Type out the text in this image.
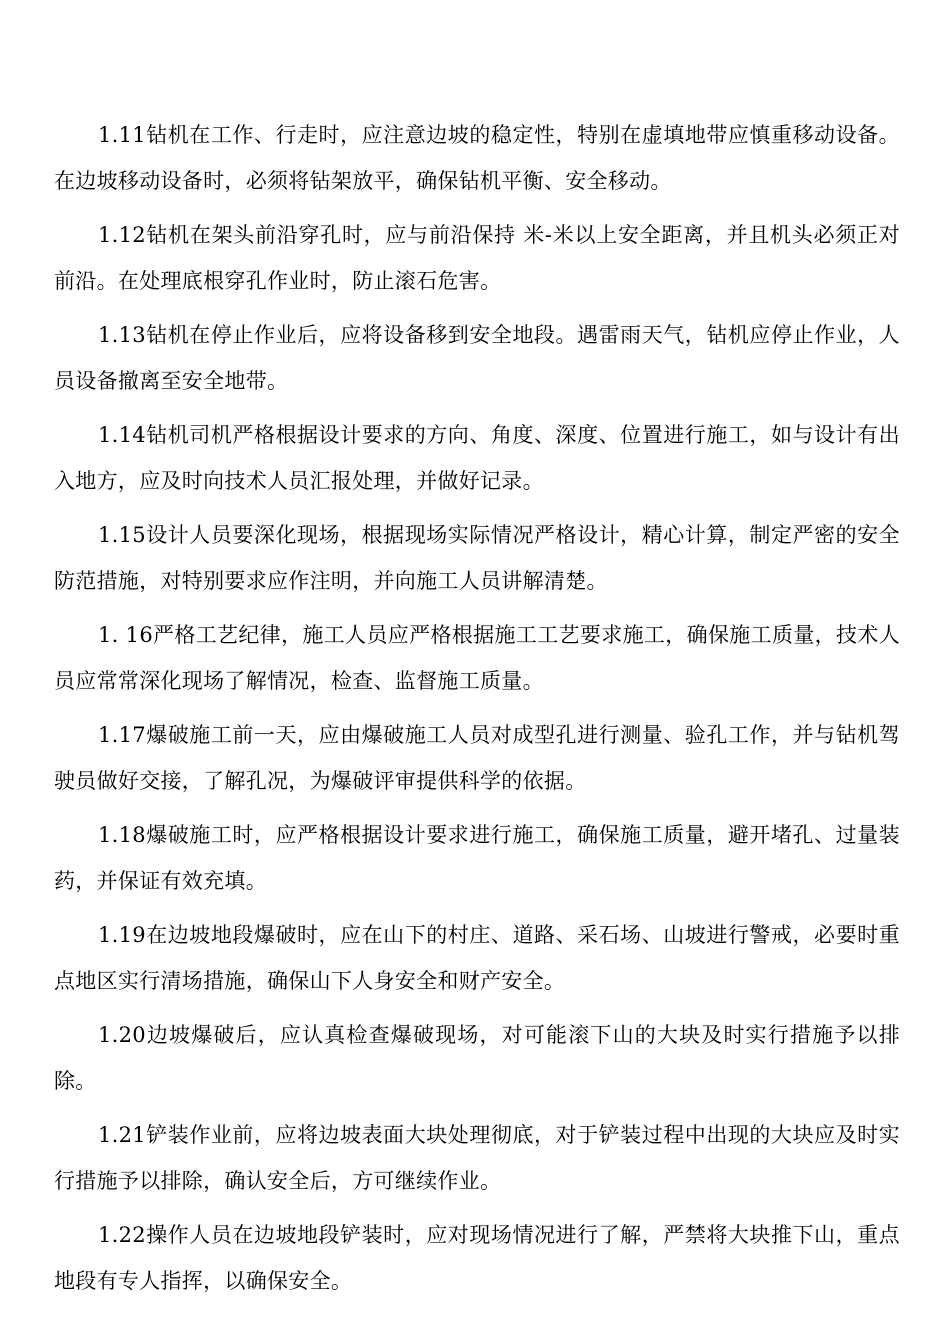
1.11钻机在工作、行走时，应注意边坡的稳定性，特别在虚填地带应慎重移动设备。在边坡移动设备时，必须将钻架放平，确保钻机平衡、安全移动。

1.12钻机在架头前沿穿孔时，应与前沿保持 米-米以上安全距离，并且机头必须正对前沿。在处理底根穿孔作业时，防止滚石危害。

1.13钻机在停止作业后，应将设备移到安全地段。遇雷雨天气，钻机应停止作业，人员设备撤离至安全地带。

1.14钻机司机严格根据设计要求的方向、角度、深度、位置进行施工，如与设计有出入地方，应及时向技术人员汇报处理，并做好记录。

1.15设计人员要深化现场，根据现场实际情况严格设计，精心计算，制定严密的安全防范措施，对特别要求应作注明，并向施工人员讲解清楚。

1. 16严格工艺纪律，施工人员应严格根据施工工艺要求施工，确保施工质量，技术人员应常常深化现场了解情况，检查、监督施工质量。

1.17爆破施工前一天，应由爆破施工人员对成型孔进行测量、验孔工作，并与钻机驾驶员做好交接，了解孔况，为爆破评审提供科学的依据。

1.18爆破施工时，应严格根据设计要求进行施工，确保施工质量，避开堵孔、过量装药，并保证有效充填。

1.19在边坡地段爆破时，应在山下的村庄、道路、采石场、山坡进行警戒，必要时重点地区实行清场措施，确保山下人身安全和财产安全。

1.20边坡爆破后，应认真检查爆破现场，对可能滚下山的大块及时实行措施予以排除。

1.21铲装作业前，应将边坡表面大块处理彻底，对于铲装过程中出现的大块应及时实行措施予以排除，确认安全后，方可继续作业。

1.22操作人员在边坡地段铲装时，应对现场情况进行了解，严禁将大块推下山，重点地段有专人指挥，以确保安全。
